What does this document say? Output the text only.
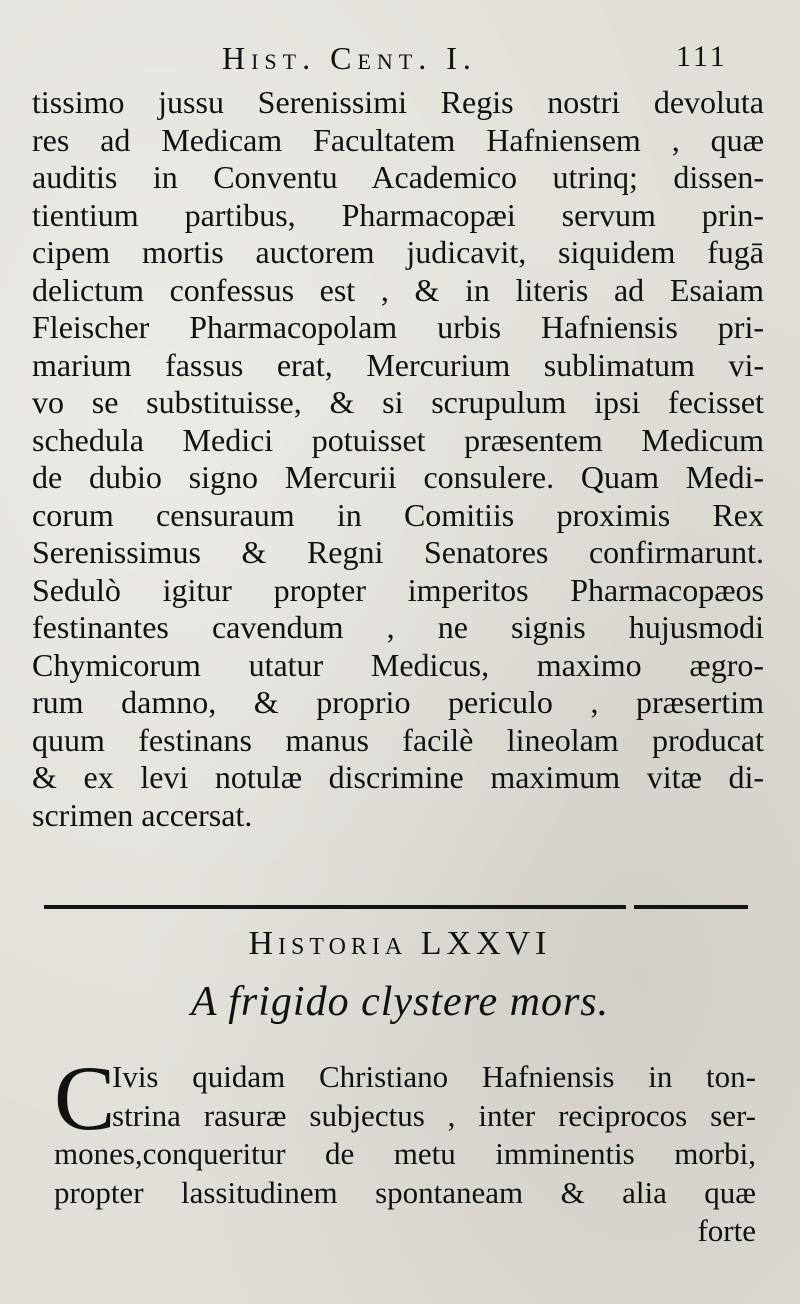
Hist. Cent. I.	111
tissimo jussu Serenissimi Regis nostri devoluta
res ad Medicam Facultatem Hafniensem , quæ
auditis in Conventu Academico utrinq; dissen-
tientium partibus, Pharmacopæi servum prin-
cipem mortis auctorem judicavit, siquidem fugā
delictum confessus est , & in literis ad Esaiam
Fleischer Pharmacopolam urbis Hafniensis pri-
marium fassus erat, Mercurium sublimatum vi-
vo se substituisse, & si scrupulum ipsi fecisset
schedula Medici potuisset præsentem Medicum
de dubio signo Mercurii consulere. Quam Medi-
corum censuraum in Comitiis proximis Rex
Serenissimus & Regni Senatores confirmarunt.
Sedulò igitur propter imperitos Pharmacopæos
festinantes cavendum , ne signis hujusmodi
Chymicorum utatur Medicus, maximo ægro-
rum damno, & proprio periculo , præsertim
quum festinans manus facilè lineolam producat
& ex levi notulæ discrimine maximum vitæ di-
scrimen accersat.
Historia LXXVI
A frigido clystere mors.
C
Ivis quidam Christiano Hafniensis in ton-
strina rasuræ subjectus , inter reciprocos ser-
mones,conqueritur de metu imminentis morbi,
propter lassitudinem spontaneam & alia quæ
forte
